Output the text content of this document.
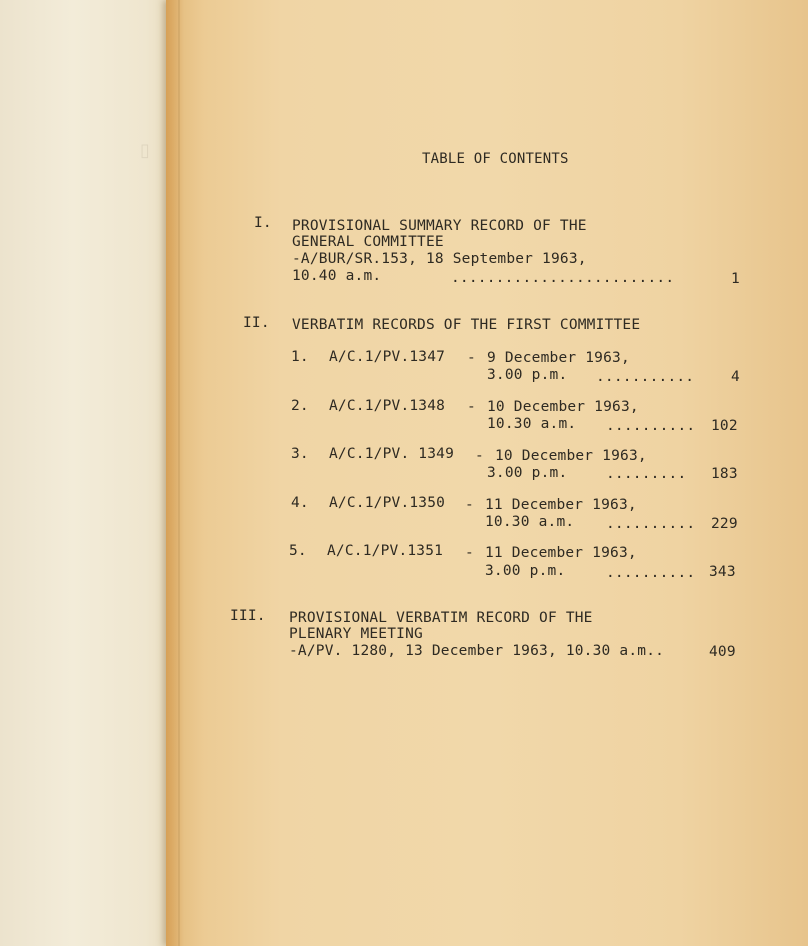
▯	TABLE OF CONTENTS
I. PROVISIONAL SUMMARY RECORD OF THE
GENERAL COMMITTEE
-A/BUR/SR.153, 18 September 1963,
10.40 a.m.	.........................	1
II. VERBATIM RECORDS OF THE FIRST COMMITTEE
1. A/C.1/PV.1347 - 9 December 1963,
3.00 p.m. ...........	4
2. A/C.1/PV.1348 - 10 December 1963,
10.30 a.m. .......... 102
3. A/C.1/PV. 1349 - 10 December 1963,
3.00 p.m.	......... 183
4. A/C.1/PV.1350 - 11 December 1963,
10.30 a.m. .......... 229
5. A/C.1/PV.1351 - 11 December 1963,
3.00 p.m.	.......... 343
III. PROVISIONAL VERBATIM RECORD OF THE
PLENARY MEETING
-A/PV. 1280, 13 December 1963, 10.30 a.m..	409
